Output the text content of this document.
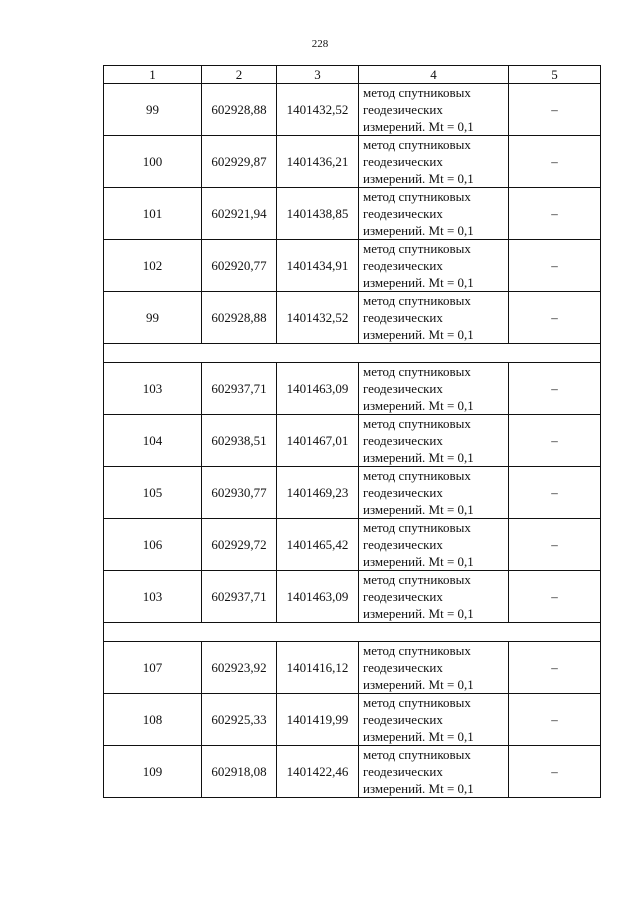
228
1	2	3	4	5
99	602928,88	1401432,52	метод спутниковых
геодезических
измерений. Mt = 0,1	–
100	602929,87	1401436,21	метод спутниковых
геодезических
измерений. Mt = 0,1	–
101	602921,94	1401438,85	метод спутниковых
геодезических
измерений. Mt = 0,1	–
102	602920,77	1401434,91	метод спутниковых
геодезических
измерений. Mt = 0,1	–
99	602928,88	1401432,52	метод спутниковых
геодезических
измерений. Mt = 0,1	–

103	602937,71	1401463,09	метод спутниковых
геодезических
измерений. Mt = 0,1	–
104	602938,51	1401467,01	метод спутниковых
геодезических
измерений. Mt = 0,1	–
105	602930,77	1401469,23	метод спутниковых
геодезических
измерений. Mt = 0,1	–
106	602929,72	1401465,42	метод спутниковых
геодезических
измерений. Mt = 0,1	–
103	602937,71	1401463,09	метод спутниковых
геодезических
измерений. Mt = 0,1	–

107	602923,92	1401416,12	метод спутниковых
геодезических
измерений. Mt = 0,1	–
108	602925,33	1401419,99	метод спутниковых
геодезических
измерений. Mt = 0,1	–
109	602918,08	1401422,46	метод спутниковых
геодезических
измерений. Mt = 0,1	–
